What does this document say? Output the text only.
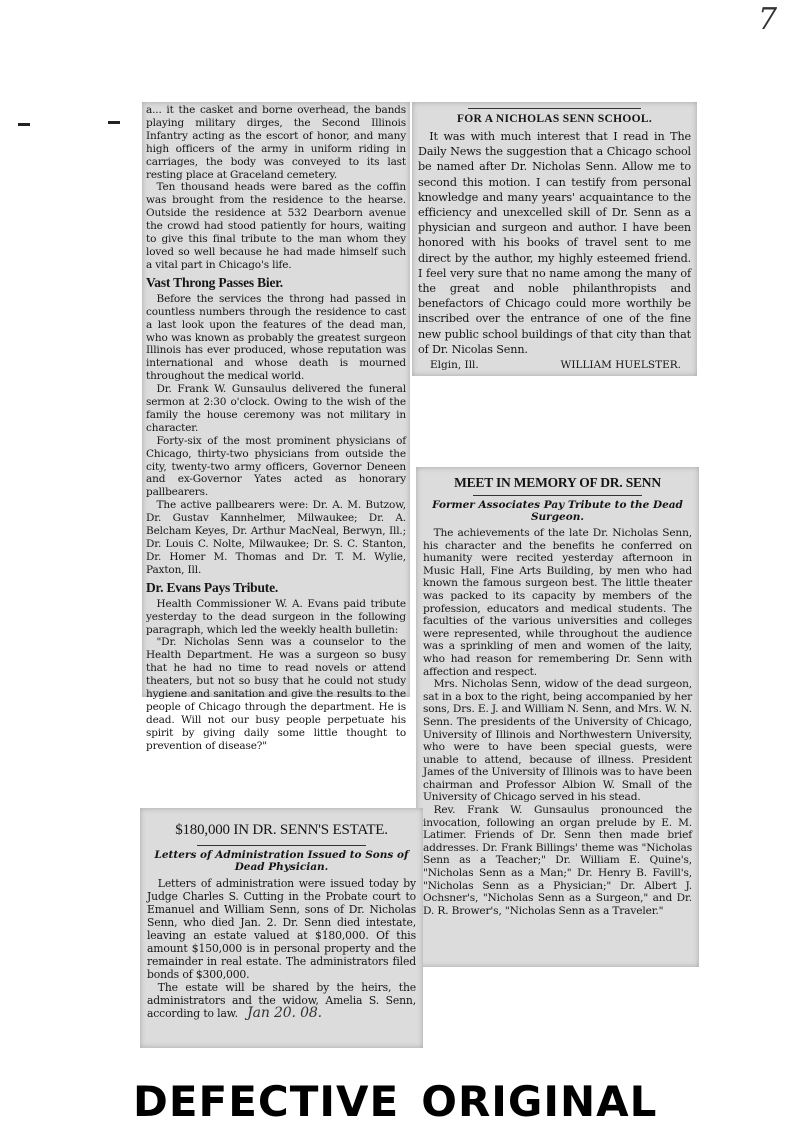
7

a... it the casket and borne overhead, the bands playing military dirges, the Second Illinois Infantry acting as the escort of honor, and many high officers of the army in uniform riding in carriages, the body was conveyed to its last resting place at Graceland cemetery.

Ten thousand heads were bared as the coffin was brought from the residence to the hearse. Outside the residence at 532 Dearborn avenue the crowd had stood patiently for hours, waiting to give this final tribute to the man whom they loved so well because he had made himself such a vital part in Chicago's life.

Vast Throng Passes Bier.

Before the services the throng had passed in countless numbers through the residence to cast a last look upon the features of the dead man, who was known as probably the greatest surgeon Illinois has ever produced, whose reputation was international and whose death is mourned throughout the medical world.

Dr. Frank W. Gunsaulus delivered the funeral sermon at 2:30 o'clock. Owing to the wish of the family the house ceremony was not military in character.

Forty-six of the most prominent physicians of Chicago, thirty-two physicians from outside the city, twenty-two army officers, Governor Deneen and ex-Governor Yates acted as honorary pallbearers.

The active pallbearers were: Dr. A. M. Butzow, Dr. Gustav Kannhelmer, Milwaukee; Dr. A. Belcham Keyes, Dr. Arthur MacNeal, Berwyn, Ill.; Dr. Louis C. Nolte, Milwaukee; Dr. S. C. Stanton, Dr. Homer M. Thomas and Dr. T. M. Wylie, Paxton, Ill.

Dr. Evans Pays Tribute.

Health Commissioner W. A. Evans paid tribute yesterday to the dead surgeon in the following paragraph, which led the weekly health bulletin:

"Dr. Nicholas Senn was a counselor to the Health Department. He was a surgeon so busy that he had no time to read novels or attend theaters, but not so busy that he could not study hygiene and sanitation and give the results to the people of Chicago through the department. He is dead. Will not our busy people perpetuate his spirit by giving daily some little thought to prevention of disease?"

FOR A NICHOLAS SENN SCHOOL.

It was with much interest that I read in The Daily News the suggestion that a Chicago school be named after Dr. Nicholas Senn. Allow me to second this motion. I can testify from personal knowledge and many years' acquaintance to the efficiency and unexcelled skill of Dr. Senn as a physician and surgeon and author. I have been honored with his books of travel sent to me direct by the author, my highly esteemed friend. I feel very sure that no name among the many of the great and noble philanthropists and benefactors of Chicago could more worthily be inscribed over the entrance of one of the fine new public school buildings of that city than that of Dr. Nicolas Senn.

Elgin, Ill.	WILLIAM HUELSTER.
MEET IN MEMORY OF DR. SENN
Former Associates Pay Tribute to the Dead Surgeon.

The achievements of the late Dr. Nicholas Senn, his character and the benefits he conferred on humanity were recited yesterday afternoon in Music Hall, Fine Arts Building, by men who had known the famous surgeon best. The little theater was packed to its capacity by members of the profession, educators and medical students. The faculties of the various universities and colleges were represented, while throughout the audience was a sprinkling of men and women of the laity, who had reason for remembering Dr. Senn with affection and respect.

Mrs. Nicholas Senn, widow of the dead surgeon, sat in a box to the right, being accompanied by her sons, Drs. E. J. and William N. Senn, and Mrs. W. N. Senn. The presidents of the University of Chicago, University of Illinois and Northwestern University, who were to have been special guests, were unable to attend, because of illness. President James of the University of Illinois was to have been chairman and Professor Albion W. Small of the University of Chicago served in his stead.

Rev. Frank W. Gunsaulus pronounced the invocation, following an organ prelude by E. M. Latimer. Friends of Dr. Senn then made brief addresses. Dr. Frank Billings' theme was "Nicholas Senn as a Teacher;" Dr. William E. Quine's, "Nicholas Senn as a Man;" Dr. Henry B. Favill's, "Nicholas Senn as a Physician;" Dr. Albert J. Ochsner's, "Nicholas Senn as a Surgeon," and Dr. D. R. Brower's, "Nicholas Senn as a Traveler."

$180,000 IN DR. SENN'S ESTATE.
Letters of Administration Issued to Sons of Dead Physician.

Letters of administration were issued today by Judge Charles S. Cutting in the Probate court to Emanuel and William Senn, sons of Dr. Nicholas Senn, who died Jan. 2. Dr. Senn died intestate, leaving an estate valued at $180,000. Of this amount $150,000 is in personal property and the remainder in real estate. The administrators filed bonds of $300,000.

The estate will be shared by the heirs, the administrators and the widow, Amelia S. Senn, according to law. Jan 20. 08.

DEFECTIVE ORIGINAL
